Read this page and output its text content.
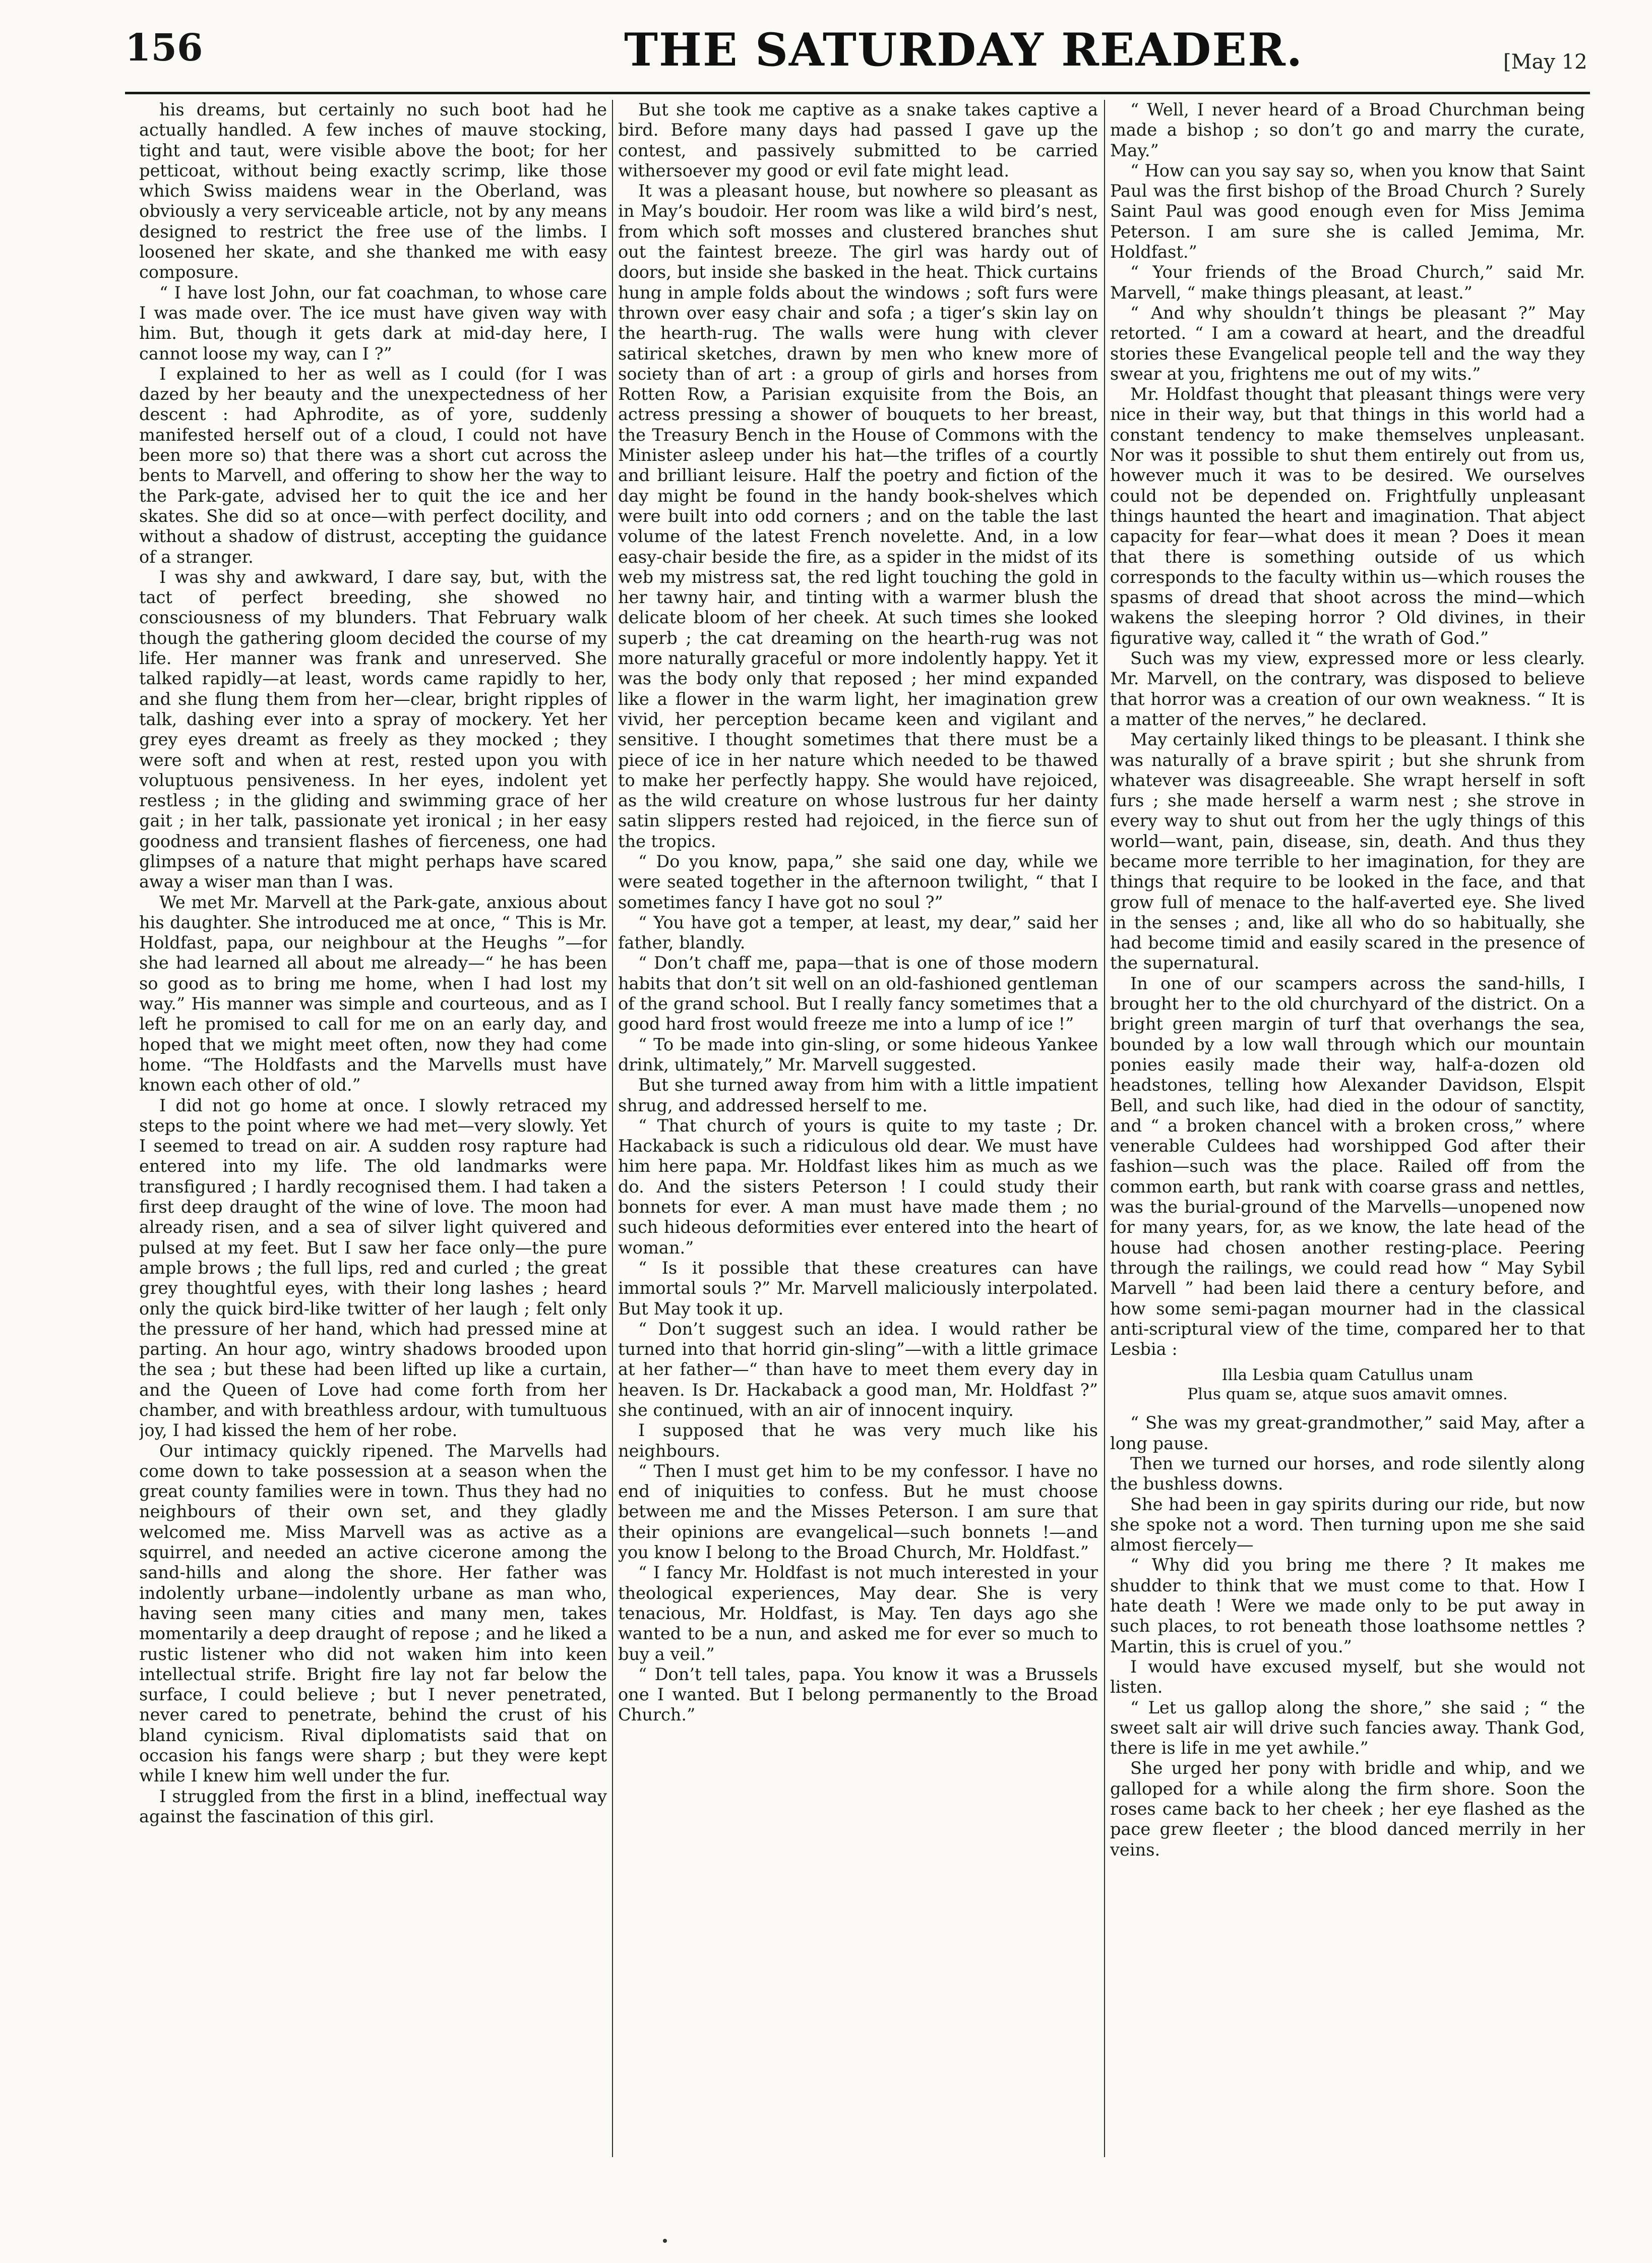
156	THE SATURDAY READER.	[May 12

his dreams, but certainly no such boot had he actually handled. A few inches of mauve stocking, tight and taut, were visible above the boot; for her petticoat, without being exactly scrimp, like those which Swiss maidens wear in the Oberland, was obviously a very serviceable article, not by any means designed to restrict the free use of the limbs. I loosened her skate, and she thanked me with easy composure.

“ I have lost John, our fat coachman, to whose care I was made over. The ice must have given way with him. But, though it gets dark at mid-day here, I cannot loose my way, can I ?”

I explained to her as well as I could (for I was dazed by her beauty and the unexpectedness of her descent : had Aphrodite, as of yore, suddenly manifested herself out of a cloud, I could not have been more so) that there was a short cut across the bents to Marvell, and offering to show her the way to the Park-gate, advised her to quit the ice and her skates. She did so at once—with perfect docility, and without a shadow of distrust, accepting the guidance of a stranger.

I was shy and awkward, I dare say, but, with the tact of perfect breeding, she showed no consciousness of my blunders. That February walk though the gathering gloom decided the course of my life. Her manner was frank and unreserved. She talked rapidly—at least, words came rapidly to her, and she flung them from her—clear, bright ripples of talk, dashing ever into a spray of mockery. Yet her grey eyes dreamt as freely as they mocked ; they were soft and when at rest, rested upon you with voluptuous pensiveness. In her eyes, indolent yet restless ; in the gliding and swimming grace of her gait ; in her talk, passionate yet ironical ; in her easy goodness and transient flashes of fierceness, one had glimpses of a nature that might perhaps have scared away a wiser man than I was.

We met Mr. Marvell at the Park-gate, anxious about his daughter. She introduced me at once, “ This is Mr. Holdfast, papa, our neighbour at the Heughs ”—for she had learned all about me already—“ he has been so good as to bring me home, when I had lost my way.” His manner was simple and courteous, and as I left he promised to call for me on an early day, and hoped that we might meet often, now they had come home. “The Holdfasts and the Marvells must have known each other of old.”

I did not go home at once. I slowly retraced my steps to the point where we had met—very slowly. Yet I seemed to tread on air. A sudden rosy rapture had entered into my life. The old landmarks were transfigured ; I hardly recognised them. I had taken a first deep draught of the wine of love. The moon had already risen, and a sea of silver light quivered and pulsed at my feet. But I saw her face only—the pure ample brows ; the full lips, red and curled ; the great grey thoughtful eyes, with their long lashes ; heard only the quick bird-like twitter of her laugh ; felt only the pressure of her hand, which had pressed mine at parting. An hour ago, wintry shadows brooded upon the sea ; but these had been lifted up like a curtain, and the Queen of Love had come forth from her chamber, and with breathless ardour, with tumultuous joy, I had kissed the hem of her robe.

Our intimacy quickly ripened. The Marvells had come down to take possession at a season when the great county families were in town. Thus they had no neighbours of their own set, and they gladly welcomed me. Miss Marvell was as active as a squirrel, and needed an active cicerone among the sand-hills and along the shore. Her father was indolently urbane—indolently urbane as man who, having seen many cities and many men, takes momentarily a deep draught of repose ; and he liked a rustic listener who did not waken him into keen intellectual strife. Bright fire lay not far below the surface, I could believe ; but I never penetrated, never cared to penetrate, behind the crust of his bland cynicism. Rival diplomatists said that on occasion his fangs were sharp ; but they were kept while I knew him well under the fur.

I struggled from the first in a blind, ineffectual way against the fascination of this girl.

But she took me captive as a snake takes captive a bird. Before many days had passed I gave up the contest, and passively submitted to be carried withersoever my good or evil fate might lead.

It was a pleasant house, but nowhere so pleasant as in May’s boudoir. Her room was like a wild bird’s nest, from which soft mosses and clustered branches shut out the faintest breeze. The girl was hardy out of doors, but inside she basked in the heat. Thick curtains hung in ample folds about the windows ; soft furs were thrown over easy chair and sofa ; a tiger’s skin lay on the hearth-rug. The walls were hung with clever satirical sketches, drawn by men who knew more of society than of art : a group of girls and horses from Rotten Row, a Parisian exquisite from the Bois, an actress pressing a shower of bouquets to her breast, the Treasury Bench in the House of Commons with the Minister asleep under his hat—the trifles of a courtly and brilliant leisure. Half the poetry and fiction of the day might be found in the handy book-shelves which were built into odd corners ; and on the table the last volume of the latest French novelette. And, in a low easy-chair beside the fire, as a spider in the midst of its web my mistress sat, the red light touching the gold in her tawny hair, and tinting with a warmer blush the delicate bloom of her cheek. At such times she looked superb ; the cat dreaming on the hearth-rug was not more naturally graceful or more indolently happy. Yet it was the body only that reposed ; her mind expanded like a flower in the warm light, her imagination grew vivid, her perception became keen and vigilant and sensitive. I thought sometimes that there must be a piece of ice in her nature which needed to be thawed to make her perfectly happy. She would have rejoiced, as the wild creature on whose lustrous fur her dainty satin slippers rested had rejoiced, in the fierce sun of the tropics.

“ Do you know, papa,” she said one day, while we were seated together in the afternoon twilight, “ that I sometimes fancy I have got no soul ?”

“ You have got a temper, at least, my dear,” said her father, blandly.

“ Don’t chaff me, papa—that is one of those modern habits that don’t sit well on an old-fashioned gentleman of the grand school. But I really fancy sometimes that a good hard frost would freeze me into a lump of ice !”

“ To be made into gin-sling, or some hideous Yankee drink, ultimately,” Mr. Marvell suggested.

But she turned away from him with a little impatient shrug, and addressed herself to me.

“ That church of yours is quite to my taste ; Dr. Hackaback is such a ridiculous old dear. We must have him here papa. Mr. Holdfast likes him as much as we do. And the sisters Peterson ! I could study their bonnets for ever. A man must have made them ; no such hideous deformities ever entered into the heart of woman.”

“ Is it possible that these creatures can have immortal souls ?” Mr. Marvell maliciously interpolated. But May took it up.

“ Don’t suggest such an idea. I would rather be turned into that horrid gin-sling”—with a little grimace at her father—“ than have to meet them every day in heaven. Is Dr. Hackaback a good man, Mr. Holdfast ?” she continued, with an air of innocent inquiry.

I supposed that he was very much like his neighbours.

“ Then I must get him to be my confessor. I have no end of iniquities to confess. But he must choose between me and the Misses Peterson. I am sure that their opinions are evangelical—such bonnets !—and you know I belong to the Broad Church, Mr. Holdfast.”

“ I fancy Mr. Holdfast is not much interested in your theological experiences, May dear. She is very tenacious, Mr. Holdfast, is May. Ten days ago she wanted to be a nun, and asked me for ever so much to buy a veil.”

“ Don’t tell tales, papa. You know it was a Brussels one I wanted. But I belong permanently to the Broad Church.”

“ Well, I never heard of a Broad Churchman being made a bishop ; so don’t go and marry the curate, May.”

“ How can you say say so, when you know that Saint Paul was the first bishop of the Broad Church ? Surely Saint Paul was good enough even for Miss Jemima Peterson. I am sure she is called Jemima, Mr. Holdfast.”

“ Your friends of the Broad Church,” said Mr. Marvell, “ make things pleasant, at least.”

“ And why shouldn’t things be pleasant ?” May retorted. “ I am a coward at heart, and the dreadful stories these Evangelical people tell and the way they swear at you, frightens me out of my wits.”

Mr. Holdfast thought that pleasant things were very nice in their way, but that things in this world had a constant tendency to make themselves unpleasant. Nor was it possible to shut them entirely out from us, however much it was to be desired. We ourselves could not be depended on. Frightfully unpleasant things haunted the heart and imagination. That abject capacity for fear—what does it mean ? Does it mean that there is something outside of us which corresponds to the faculty within us—which rouses the spasms of dread that shoot across the mind—which wakens the sleeping horror ? Old divines, in their figurative way, called it “ the wrath of God.”

Such was my view, expressed more or less clearly. Mr. Marvell, on the contrary, was disposed to believe that horror was a creation of our own weakness. “ It is a matter of the nerves,” he declared.

May certainly liked things to be pleasant. I think she was naturally of a brave spirit ; but she shrunk from whatever was disagreeable. She wrapt herself in soft furs ; she made herself a warm nest ; she strove in every way to shut out from her the ugly things of this world—want, pain, disease, sin, death. And thus they became more terrible to her imagination, for they are things that require to be looked in the face, and that grow full of menace to the half-averted eye. She lived in the senses ; and, like all who do so habitually, she had become timid and easily scared in the presence of the supernatural.

In one of our scampers across the sand-hills, I brought her to the old churchyard of the district. On a bright green margin of turf that overhangs the sea, bounded by a low wall through which our mountain ponies easily made their way, half-a-dozen old headstones, telling how Alexander Davidson, Elspit Bell, and such like, had died in the odour of sanctity, and “ a broken chancel with a broken cross,” where venerable Culdees had worshipped God after their fashion—such was the place. Railed off from the common earth, but rank with coarse grass and nettles, was the burial-ground of the Marvells—unopened now for many years, for, as we know, the late head of the house had chosen another resting-place. Peering through the railings, we could read how “ May Sybil Marvell ” had been laid there a century before, and how some semi-pagan mourner had in the classical anti-scriptural view of the time, compared her to that Lesbia :

Illa Lesbia quam Catullus unam
Plus quam se, atque suos amavit omnes.

“ She was my great-grandmother,” said May, after a long pause.

Then we turned our horses, and rode silently along the bushless downs.

She had been in gay spirits during our ride, but now she spoke not a word. Then turning upon me she said almost fiercely—

“ Why did you bring me there ? It makes me shudder to think that we must come to that. How I hate death ! Were we made only to be put away in such places, to rot beneath those loathsome nettles ? Martin, this is cruel of you.”

I would have excused myself, but she would not listen.

“ Let us gallop along the shore,” she said ; “ the sweet salt air will drive such fancies away. Thank God, there is life in me yet awhile.”

She urged her pony with bridle and whip, and we galloped for a while along the firm shore. Soon the roses came back to her cheek ; her eye flashed as the pace grew fleeter ; the blood danced merrily in her veins.
